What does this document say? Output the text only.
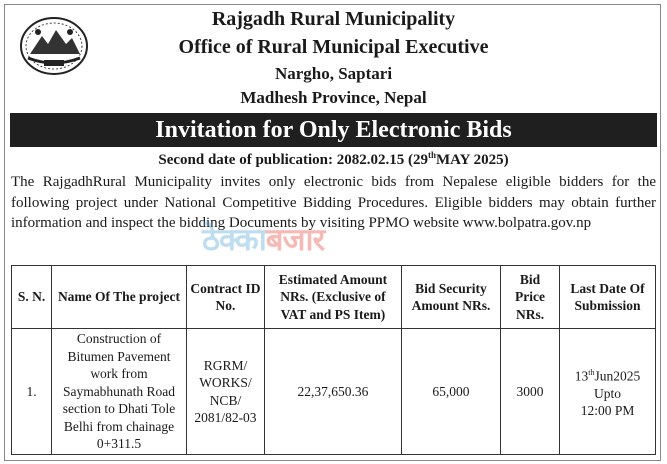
Rajgadh Rural Municipality
Office of Rural Municipal Executive
Nargho, Saptari
Madhesh Province, Nepal
Invitation for Only Electronic Bids
Second date of publication: 2082.02.15 (29thMAY 2025)
The RajgadhRural Municipality invites only electronic bids from Nepalese eligible bidders for the following project under National Competitive Bidding Procedures. Eligible bidders may obtain further information and inspect the bidding Documents by visiting PPMO website www.bolpatra.gov.np
ठेक्काबजार
S. N.	Name Of The project	Contract ID No.	Estimated Amount NRs. (Exclusive of VAT and PS Item)	Bid Security Amount NRs.	Bid Price NRs.	Last Date Of Submission
1.	Construction of Bitumen Pavement work from Saymabhunath Road section to Dhati Tole Belhi from chainage 0+311.5	RGRM/ WORKS/ NCB/ 2081/82-03	22,37,650.36	65,000	3000	13thJun2025
Upto
12:00 PM
